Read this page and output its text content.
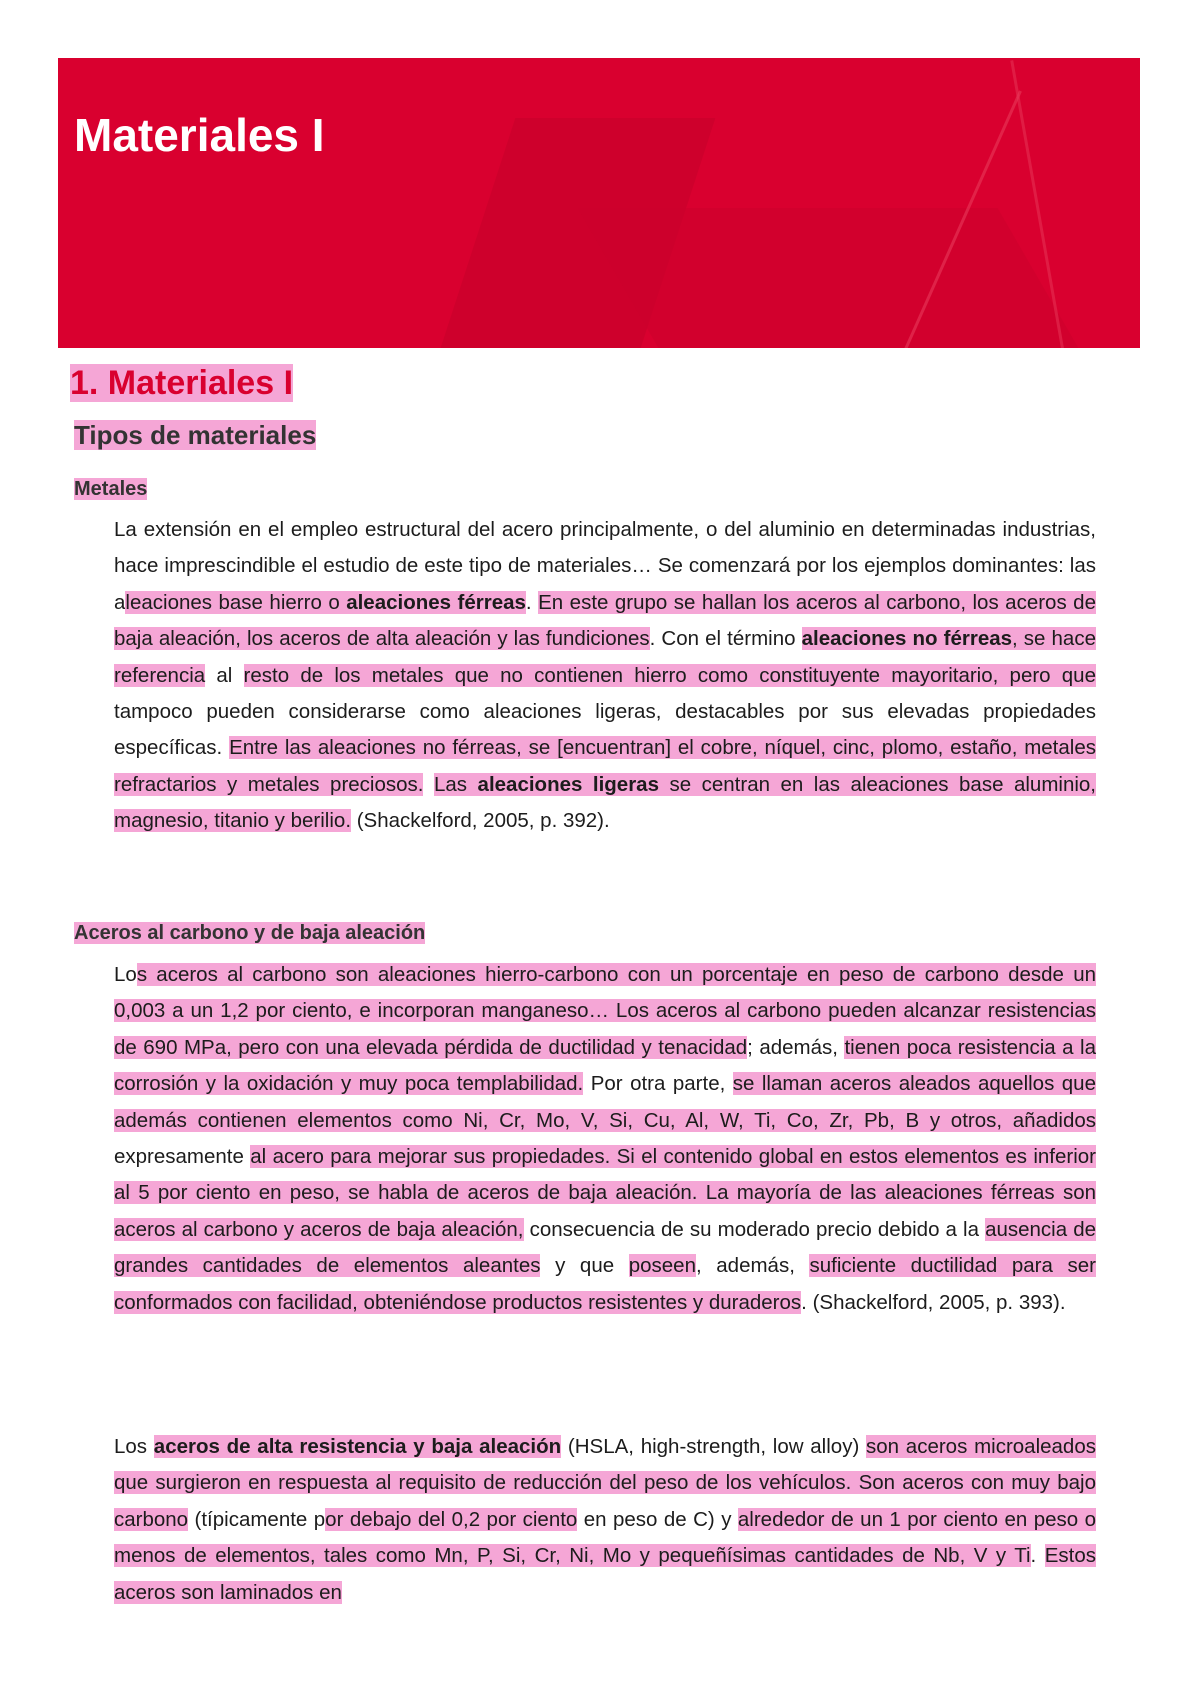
Materiales I
1. Materiales I
Tipos de materiales
Metales

La extensión en el empleo estructural del acero principalmente, o del aluminio en determinadas industrias, hace imprescindible el estudio de este tipo de materiales… Se comenzará por los ejemplos dominantes: las aleaciones base hierro o aleaciones férreas. En este grupo se hallan los aceros al carbono, los aceros de baja aleación, los aceros de alta aleación y las fundiciones. Con el término aleaciones no férreas, se hace referencia al resto de los metales que no contienen hierro como constituyente mayoritario, pero que tampoco pueden considerarse como aleaciones ligeras, destacables por sus elevadas propiedades específicas. Entre las aleaciones no férreas, se [encuentran] el cobre, níquel, cinc, plomo, estaño, metales refractarios y metales preciosos. Las aleaciones ligeras se centran en las aleaciones base aluminio, magnesio, titanio y berilio. (Shackelford, 2005, p. 392).

Aceros al carbono y de baja aleación

Los aceros al carbono son aleaciones hierro-carbono con un porcentaje en peso de carbono desde un 0,003 a un 1,2 por ciento, e incorporan manganeso… Los aceros al carbono pueden alcanzar resistencias de 690 MPa, pero con una elevada pérdida de ductilidad y tenacidad; además, tienen poca resistencia a la corrosión y la oxidación y muy poca templabilidad. Por otra parte, se llaman aceros aleados aquellos que además contienen elementos como Ni, Cr, Mo, V, Si, Cu, Al, W, Ti, Co, Zr, Pb, B y otros, añadidos expresamente al acero para mejorar sus propiedades. Si el contenido global en estos elementos es inferior al 5 por ciento en peso, se habla de aceros de baja aleación. La mayoría de las aleaciones férreas son aceros al carbono y aceros de baja aleación, consecuencia de su moderado precio debido a la ausencia de grandes cantidades de elementos aleantes y que poseen, además, suficiente ductilidad para ser conformados con facilidad, obteniéndose productos resistentes y duraderos. (Shackelford, 2005, p. 393).

Los aceros de alta resistencia y baja aleación (HSLA, high-strength, low alloy) son aceros microaleados que surgieron en respuesta al requisito de reducción del peso de los vehículos. Son aceros con muy bajo carbono (típicamente por debajo del 0,2 por ciento en peso de C) y alrededor de un 1 por ciento en peso o menos de elementos, tales como Mn, P, Si, Cr, Ni, Mo y pequeñísimas cantidades de Nb, V y Ti. Estos aceros son laminados en
